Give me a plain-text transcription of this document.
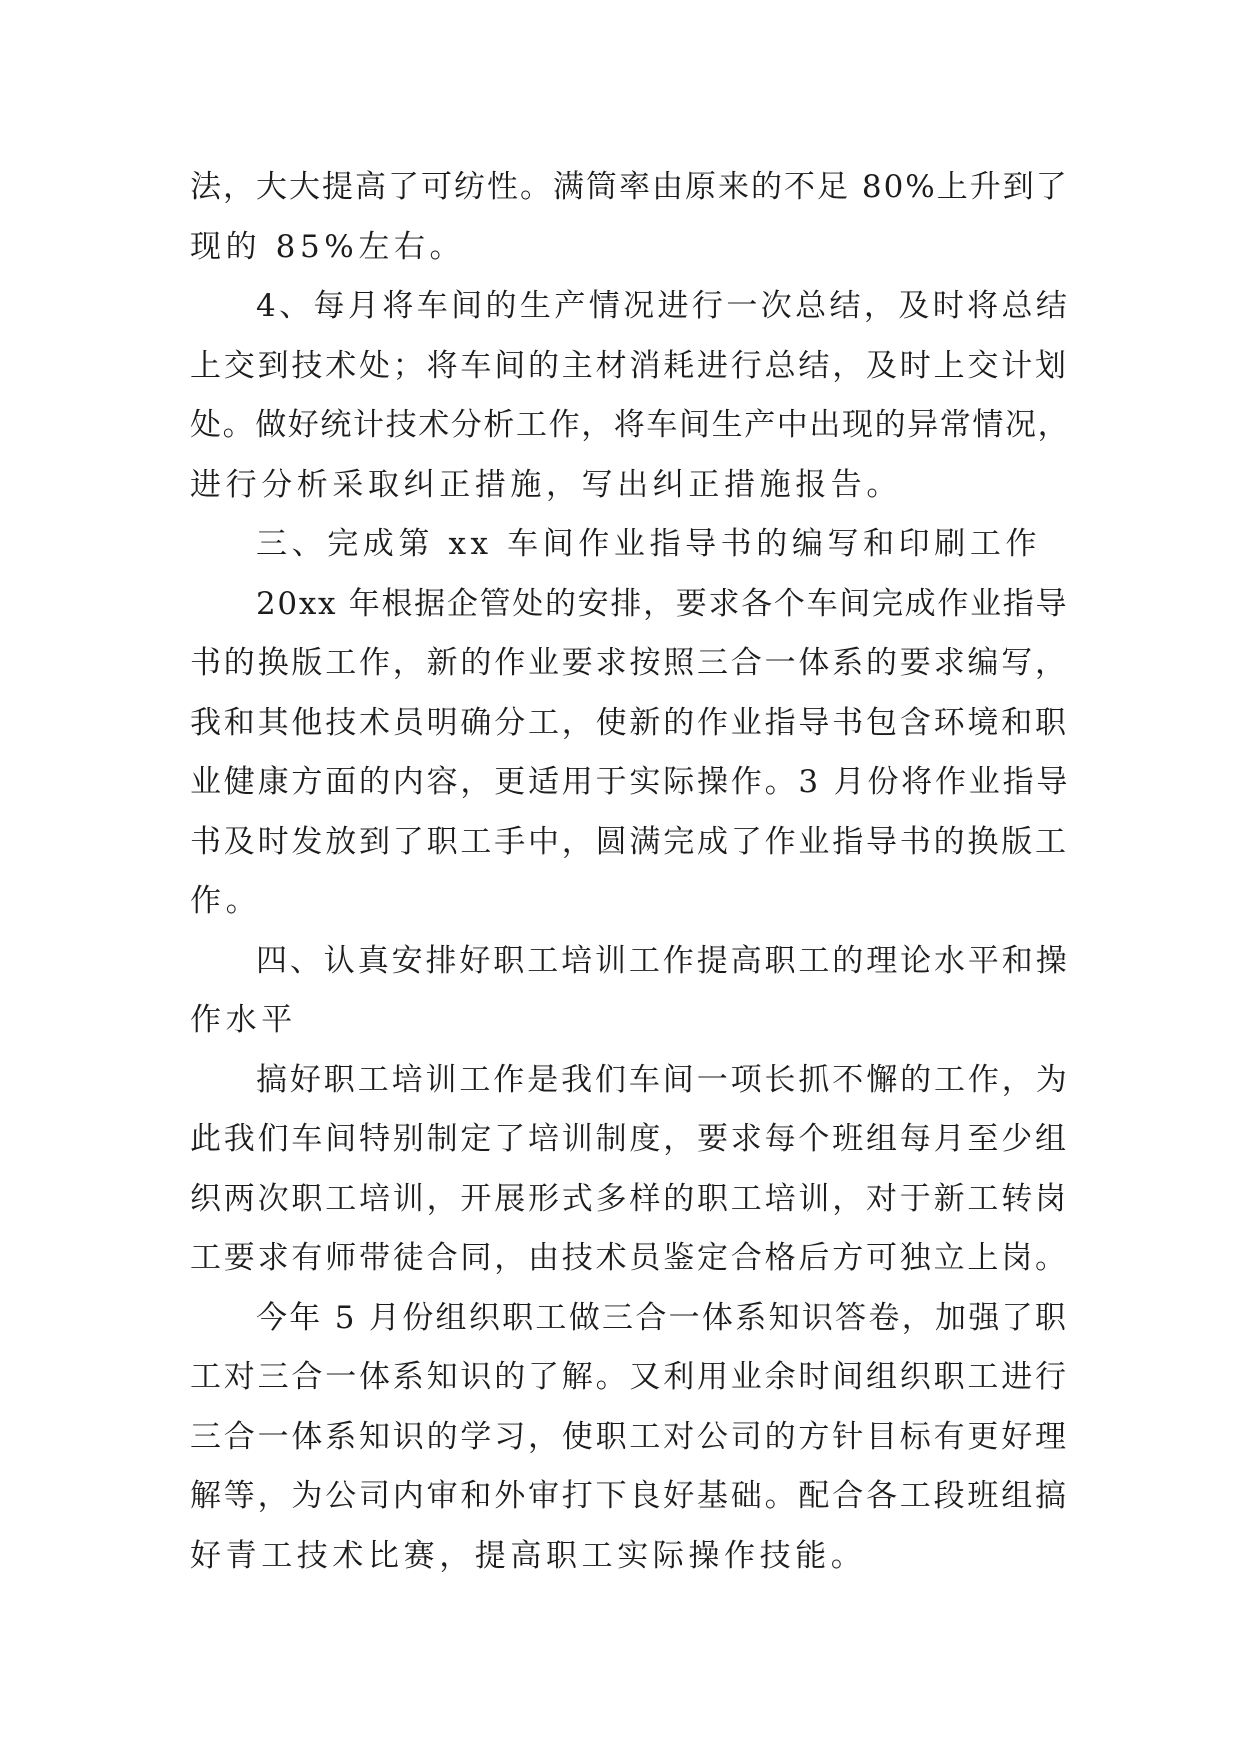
法，大大提高了可纺性。满筒率由原来的不足 80%上升到了
现的 85%左右。
4、每月将车间的生产情况进行一次总结，及时将总结
上交到技术处；将车间的主材消耗进行总结，及时上交计划
处。做好统计技术分析工作，将车间生产中出现的异常情况，
进行分析采取纠正措施，写出纠正措施报告。
三、完成第 xx 车间作业指导书的编写和印刷工作
20xx 年根据企管处的安排，要求各个车间完成作业指导
书的换版工作，新的作业要求按照三合一体系的要求编写，
我和其他技术员明确分工，使新的作业指导书包含环境和职
业健康方面的内容，更适用于实际操作。3 月份将作业指导
书及时发放到了职工手中，圆满完成了作业指导书的换版工
作。
四、认真安排好职工培训工作提高职工的理论水平和操
作水平
搞好职工培训工作是我们车间一项长抓不懈的工作，为
此我们车间特别制定了培训制度，要求每个班组每月至少组
织两次职工培训，开展形式多样的职工培训，对于新工转岗
工要求有师带徒合同，由技术员鉴定合格后方可独立上岗。
今年 5 月份组织职工做三合一体系知识答卷，加强了职
工对三合一体系知识的了解。又利用业余时间组织职工进行
三合一体系知识的学习，使职工对公司的方针目标有更好理
解等，为公司内审和外审打下良好基础。配合各工段班组搞
好青工技术比赛，提高职工实际操作技能。
